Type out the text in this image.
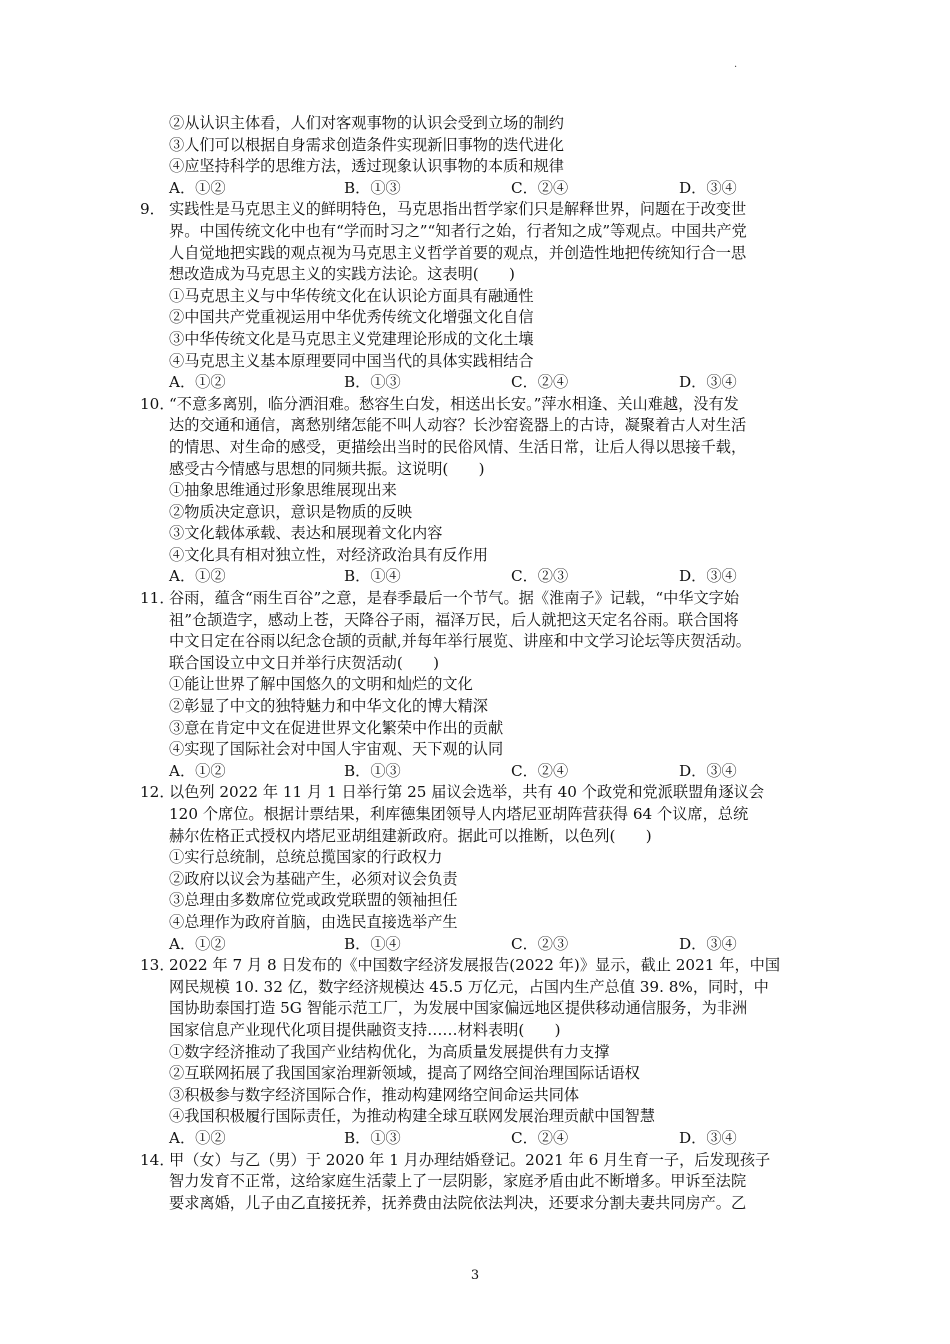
·
②从认识主体看，人们对客观事物的认识会受到立场的制约
③人们可以根据自身需求创造条件实现新旧事物的迭代进化
④应坚持科学的思维方法，透过现象认识事物的本质和规律
A．①②	B．①③	C．②④	D．③④
9． 实践性是马克思主义的鲜明特色，马克思指出哲学家们只是解释世界，问题在于改变世
界。中国传统文化中也有“学而时习之”“知者行之始，行者知之成”等观点。中国共产党
人自觉地把实践的观点视为马克思主义哲学首要的观点，并创造性地把传统知行合一思
想改造成为马克思主义的实践方法论。这表明(　　)
①马克思主义与中华传统文化在认识论方面具有融通性
②中国共产党重视运用中华优秀传统文化增强文化自信
③中华传统文化是马克思主义党建理论形成的文化土壤
④马克思主义基本原理要同中国当代的具体实践相结合
A．①②	B．①③	C．②④	D．③④
10．
“不意多离别，临分洒泪难。愁容生白发，相送出长安。”萍水相逢、关山难越，没有发
达的交通和通信，离愁别绪怎能不叫人动容？长沙窑瓷器上的古诗，凝聚着古人对生活
的情思、对生命的感受，更描绘出当时的民俗风情、生活日常，让后人得以思接千载，
感受古今情感与思想的同频共振。这说明(　　)
①抽象思维通过形象思维展现出来
②物质决定意识，意识是物质的反映
③文化载体承载、表达和展现着文化内容
④文化具有相对独立性，对经济政治具有反作用
A．①②	B．①④	C．②③	D．③④
11．
谷雨，蕴含“雨生百谷”之意，是春季最后一个节气。据《淮南子》记载，“中华文字始
祖”仓颉造字，感动上苍，天降谷子雨，福泽万民，后人就把这天定名谷雨。联合国将
中文日定在谷雨以纪念仓颉的贡献,并每年举行展览、讲座和中文学习论坛等庆贺活动。
联合国设立中文日并举行庆贺活动(　　)
①能让世界了解中国悠久的文明和灿烂的文化
②彰显了中文的独特魅力和中华文化的博大精深
③意在肯定中文在促进世界文化繁荣中作出的贡献
④实现了国际社会对中国人宇宙观、天下观的认同
A．①②	B．①③	C．②④	D．③④
12．
以色列 2022 年 11 月 1 日举行第 25 届议会选举，共有 40 个政党和党派联盟角逐议会
120 个席位。根据计票结果，利库德集团领导人内塔尼亚胡阵营获得 64 个议席，总统
赫尔佐格正式授权内塔尼亚胡组建新政府。据此可以推断，以色列(　　)
①实行总统制，总统总揽国家的行政权力
②政府以议会为基础产生，必须对议会负责
③总理由多数席位党或政党联盟的领袖担任
④总理作为政府首脑，由选民直接选举产生
A．①②	B．①④	C．②③	D．③④
13．
2022 年 7 月 8 日发布的《中国数字经济发展报告(2022 年)》显示，截止 2021 年，中国
网民规模 10. 32 亿，数字经济规模达 45.5 万亿元，占国内生产总值 39. 8%，同时，中
国协助泰国打造 5G 智能示范工厂，为发展中国家偏远地区提供移动通信服务，为非洲
国家信息产业现代化项目提供融资支持……材料表明(　　)
①数字经济推动了我国产业结构优化，为高质量发展提供有力支撑
②互联网拓展了我国国家治理新领域，提高了网络空间治理国际话语权
③积极参与数字经济国际合作，推动构建网络空间命运共同体
④我国积极履行国际责任，为推动构建全球互联网发展治理贡献中国智慧
A．①②	B．①③	C．②④	D．③④
14．
甲（女）与乙（男）于 2020 年 1 月办理结婚登记。2021 年 6 月生育一子，后发现孩子
智力发育不正常，这给家庭生活蒙上了一层阴影，家庭矛盾由此不断增多。甲诉至法院
要求离婚，儿子由乙直接抚养，抚养费由法院依法判决，还要求分割夫妻共同房产。乙
3
